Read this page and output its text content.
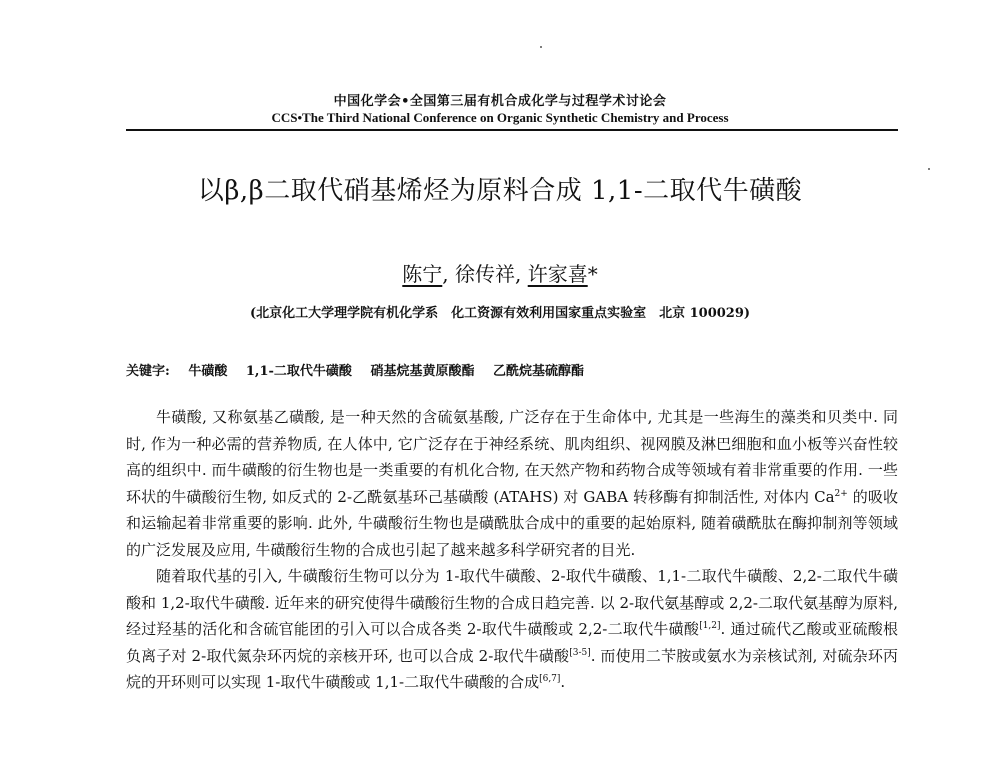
中国化学会•全国第三届有机合成化学与过程学术讨论会
CCS•The Third National Conference on Organic Synthetic Chemistry and Process
以β,β二取代硝基烯烃为原料合成 1,1-二取代牛磺酸
陈宁, 徐传祥, 许家喜*
(北京化工大学理学院有机化学系　化工资源有效利用国家重点实验室　北京 100029)
关键字: 牛磺酸 1,1-二取代牛磺酸 硝基烷基黄原酸酯 乙酰烷基硫醇酯

牛磺酸, 又称氨基乙磺酸, 是一种天然的含硫氨基酸, 广泛存在于生命体中, 尤其是一些海生的藻类和贝类中. 同时, 作为一种必需的营养物质, 在人体中, 它广泛存在于神经系统、肌肉组织、视网膜及淋巴细胞和血小板等兴奋性较高的组织中. 而牛磺酸的衍生物也是一类重要的有机化合物, 在天然产物和药物合成等领域有着非常重要的作用. 一些环状的牛磺酸衍生物, 如反式的 2-乙酰氨基环己基磺酸 (ATAHS) 对 GABA 转移酶有抑制活性, 对体内 $Ca^{2+}$ 的吸收和运输起着非常重要的影响. 此外, 牛磺酸衍生物也是磺酰肽合成中的重要的起始原料, 随着磺酰肽在酶抑制剂等领域的广泛发展及应用, 牛磺酸衍生物的合成也引起了越来越多科学研究者的目光.

随着取代基的引入, 牛磺酸衍生物可以分为 1-取代牛磺酸、2-取代牛磺酸、1,1-二取代牛磺酸、2,2-二取代牛磺酸和 1,2-取代牛磺酸. 近年来的研究使得牛磺酸衍生物的合成日趋完善. 以 2-取代氨基醇或 2,2-二取代氨基醇为原料, 经过羟基的活化和含硫官能团的引入可以合成各类 2-取代牛磺酸或 2,2-二取代牛磺酸[1,2]. 通过硫代乙酸或亚硫酸根负离子对 2-取代氮杂环丙烷的亲核开环, 也可以合成 2-取代牛磺酸[3-5]. 而使用二苄胺或氨水为亲核试剂, 对硫杂环丙烷的开环则可以实现 1-取代牛磺酸或 1,1-二取代牛磺酸的合成[6,7].
